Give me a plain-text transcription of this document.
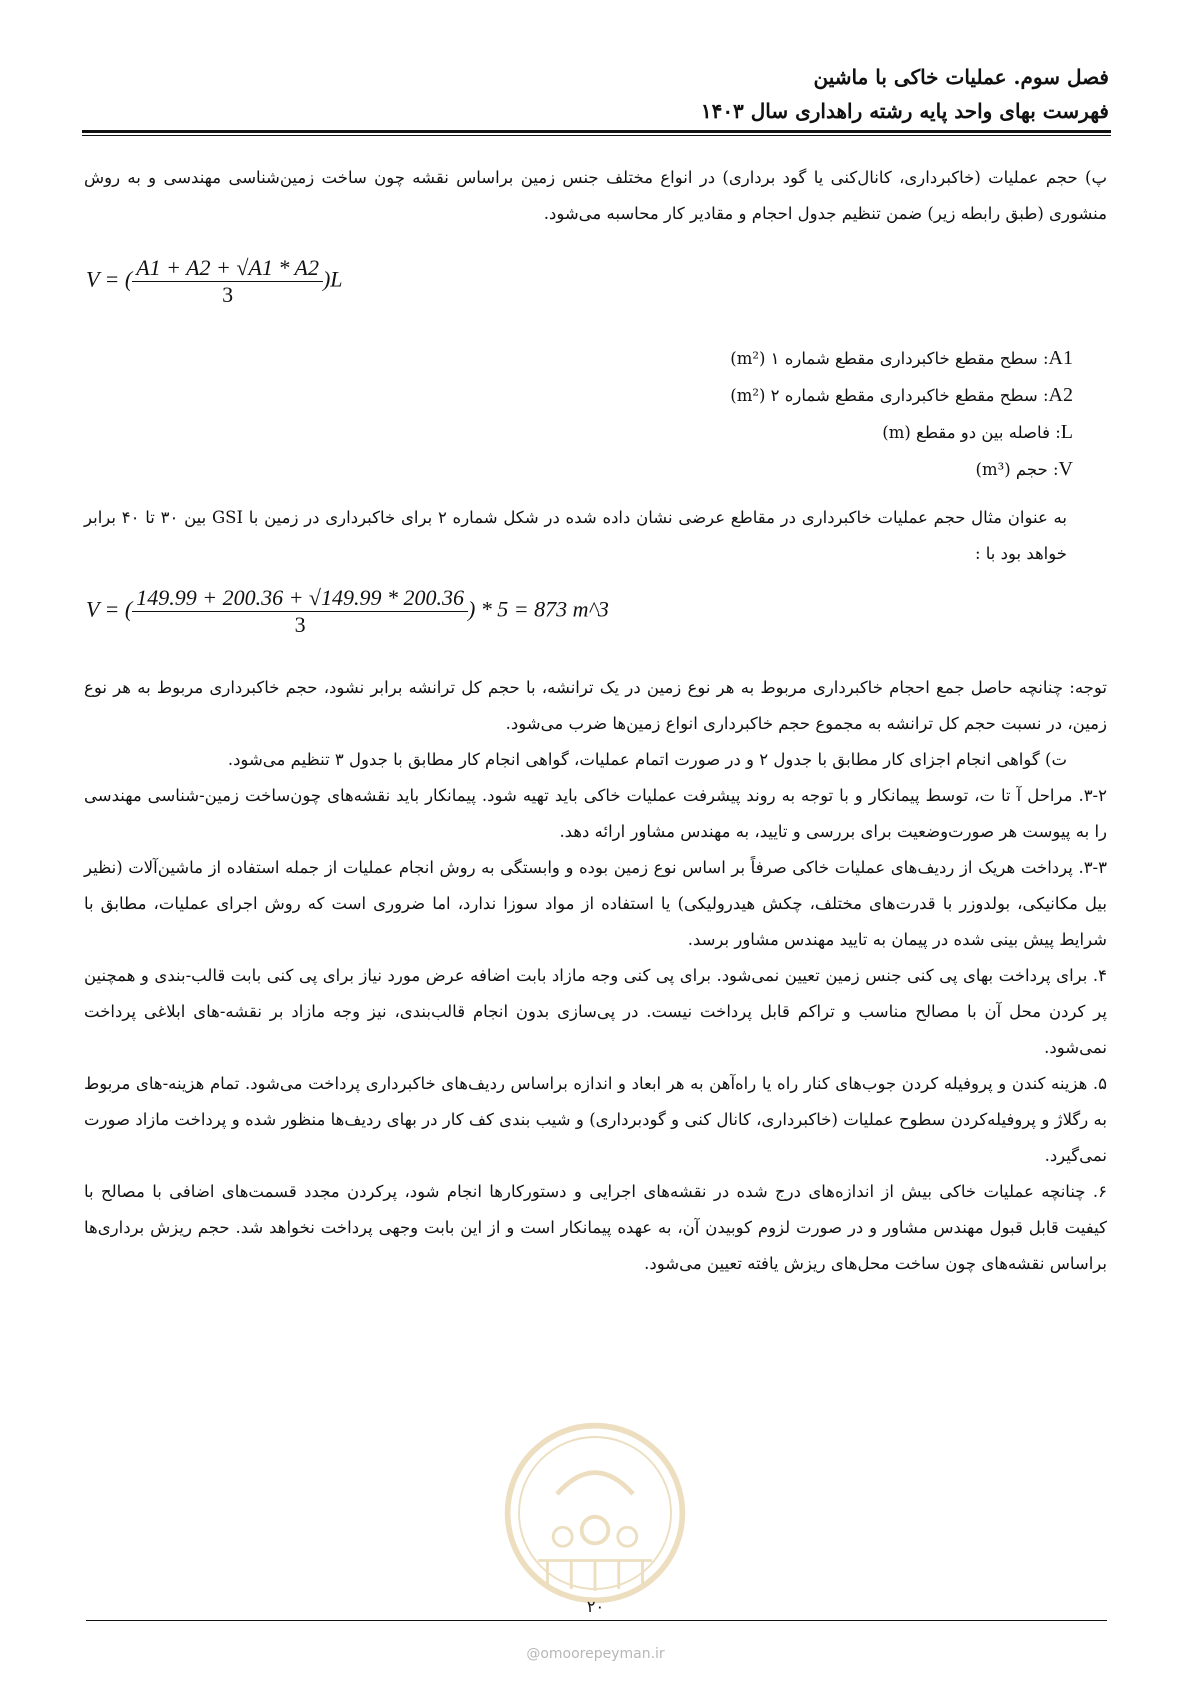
فصل سوم. عملیات خاکی با ماشین
فهرست بهای واحد پایه رشته راهداری سال ۱۴۰۳

پ) حجم عملیات (خاکبرداری، کانال‌کنی یا گود برداری) در انواع مختلف جنس زمین براساس نقشه چون ساخت زمین‌شناسی مهندسی و به روش منشوری (طبق رابطه زیر) ضمن تنظیم جدول احجام و مقادیر کار محاسبه می‌شود.

V = ( $\frac{A1 + A2 + √A1 * A2}{3} )L$

A1: سطح مقطع خاکبرداری مقطع شماره ۱ (m²)

A2: سطح مقطع خاکبرداری مقطع شماره ۲ (m²)

L: فاصله بین دو مقطع (m)

V: حجم (m³)

به عنوان مثال حجم عملیات خاکبرداری در مقاطع عرضی نشان داده شده در شکل شماره ۲ برای خاکبرداری در زمین با GSI بین ۳۰ تا ۴۰ برابر خواهد بود با :

V = ( $\frac{149.99 + 200.36 + √149.99 * 200.36}{3}$ ) * 5 = 873 m^3

توجه: چنانچه حاصل جمع احجام خاکبرداری مربوط به هر نوع زمین در یک ترانشه، با حجم کل ترانشه برابر نشود، حجم خاکبرداری مربوط به هر نوع زمین، در نسبت حجم کل ترانشه به مجموع حجم خاکبرداری انواع زمین‌ها ضرب می‌شود.

ت) گواهی انجام اجزای کار مطابق با جدول ۲ و در صورت اتمام عملیات، گواهی انجام کار مطابق با جدول ۳ تنظیم می‌شود.

۳-۲. مراحل آ تا ت، توسط پیمانکار و با توجه به روند پیشرفت عملیات خاکی باید تهیه شود. پیمانکار باید نقشه‌های چون‌ساخت زمین-شناسی مهندسی را به پیوست هر صورت‌وضعیت برای بررسی و تایید، به مهندس مشاور ارائه دهد.

۳-۳. پرداخت هریک از ردیف‌های عملیات خاکی صرفاً بر اساس نوع زمین بوده و وابستگی به روش انجام عملیات از جمله استفاده از ماشین‌آلات (نظیر بیل مکانیکی، بولدوزر با قدرت‌های مختلف، چکش هیدرولیکی) یا استفاده از مواد سوزا ندارد، اما ضروری است که روش اجرای عملیات، مطابق با شرایط پیش بینی شده در پیمان به تایید مهندس مشاور برسد.

۴. برای پرداخت بهای پی کنی جنس زمین تعیین نمی‌شود. برای پی کنی وجه مازاد بابت اضافه عرض مورد نیاز برای پی کنی بابت قالب-بندی و همچنین پر کردن محل آن با مصالح مناسب و تراکم قابل پرداخت نیست. در پی‌سازی بدون انجام قالب‌بندی، نیز وجه مازاد بر نقشه-های ابلاغی پرداخت نمی‌شود.

۵. هزینه کندن و پروفیله کردن جوب‌های کنار راه یا راه‌آهن به هر ابعاد و اندازه براساس ردیف‌های خاکبرداری پرداخت می‌شود. تمام هزینه-های مربوط به رگلاژ و پروفیله‌کردن سطوح عملیات (خاکبرداری، کانال کنی و گودبرداری) و شیب بندی کف کار در بهای ردیف‌ها منظور شده و پرداخت مازاد صورت نمی‌گیرد.

۶. چنانچه عملیات خاکی بیش از اندازه‌های درج شده در نقشه‌های اجرایی و دستورکارها انجام شود، پرکردن مجدد قسمت‌های اضافی با مصالح با کیفیت قابل قبول مهندس مشاور و در صورت لزوم کوبیدن آن، به عهده پیمانکار است و از این بابت وجهی پرداخت نخواهد شد. حجم ریزش برداری‌ها براساس نقشه‌های چون ساخت محل‌های ریزش یافته تعیین می‌شود.

۲۰
@omoorepeyman.ir
